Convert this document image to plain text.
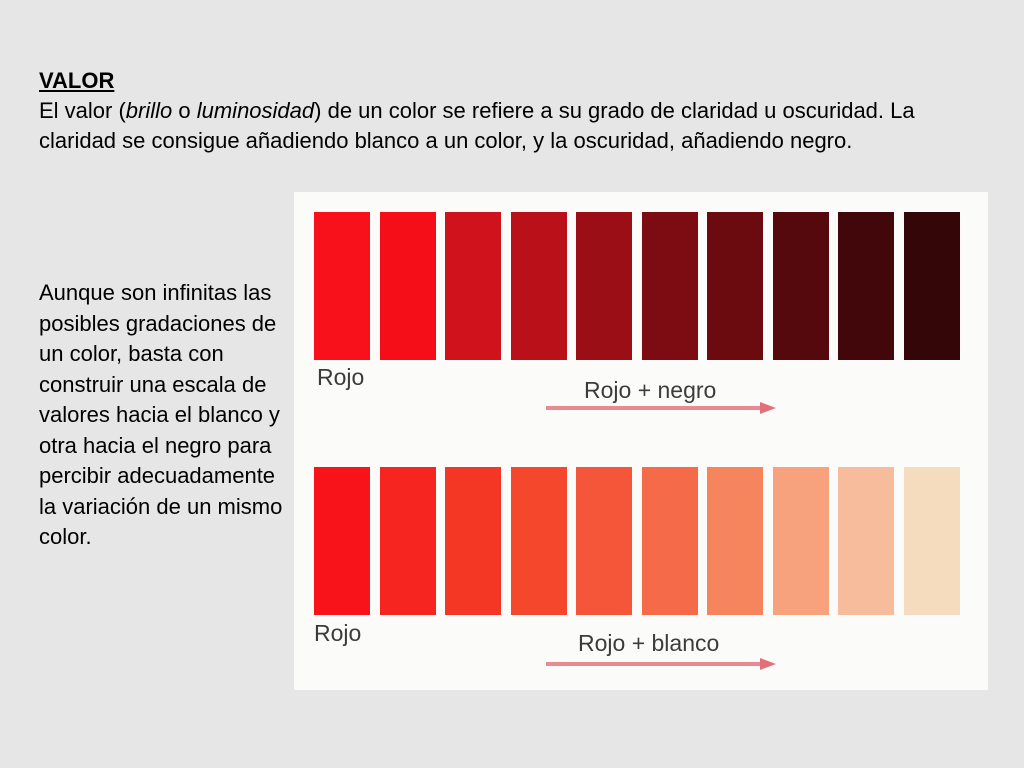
VALOR

El valor (brillo o luminosidad) de un color se refiere a su grado de claridad u oscuridad. La claridad se consigue añadiendo blanco a un color, y la oscuridad, añadiendo negro.

Aunque son infinitas las posibles gradaciones de un color, basta con construir una escala de valores hacia el blanco y otra hacia el negro para percibir adecuadamente la variación de un mismo color.

Rojo	Rojo + negro

Rojo	Rojo + blanco
